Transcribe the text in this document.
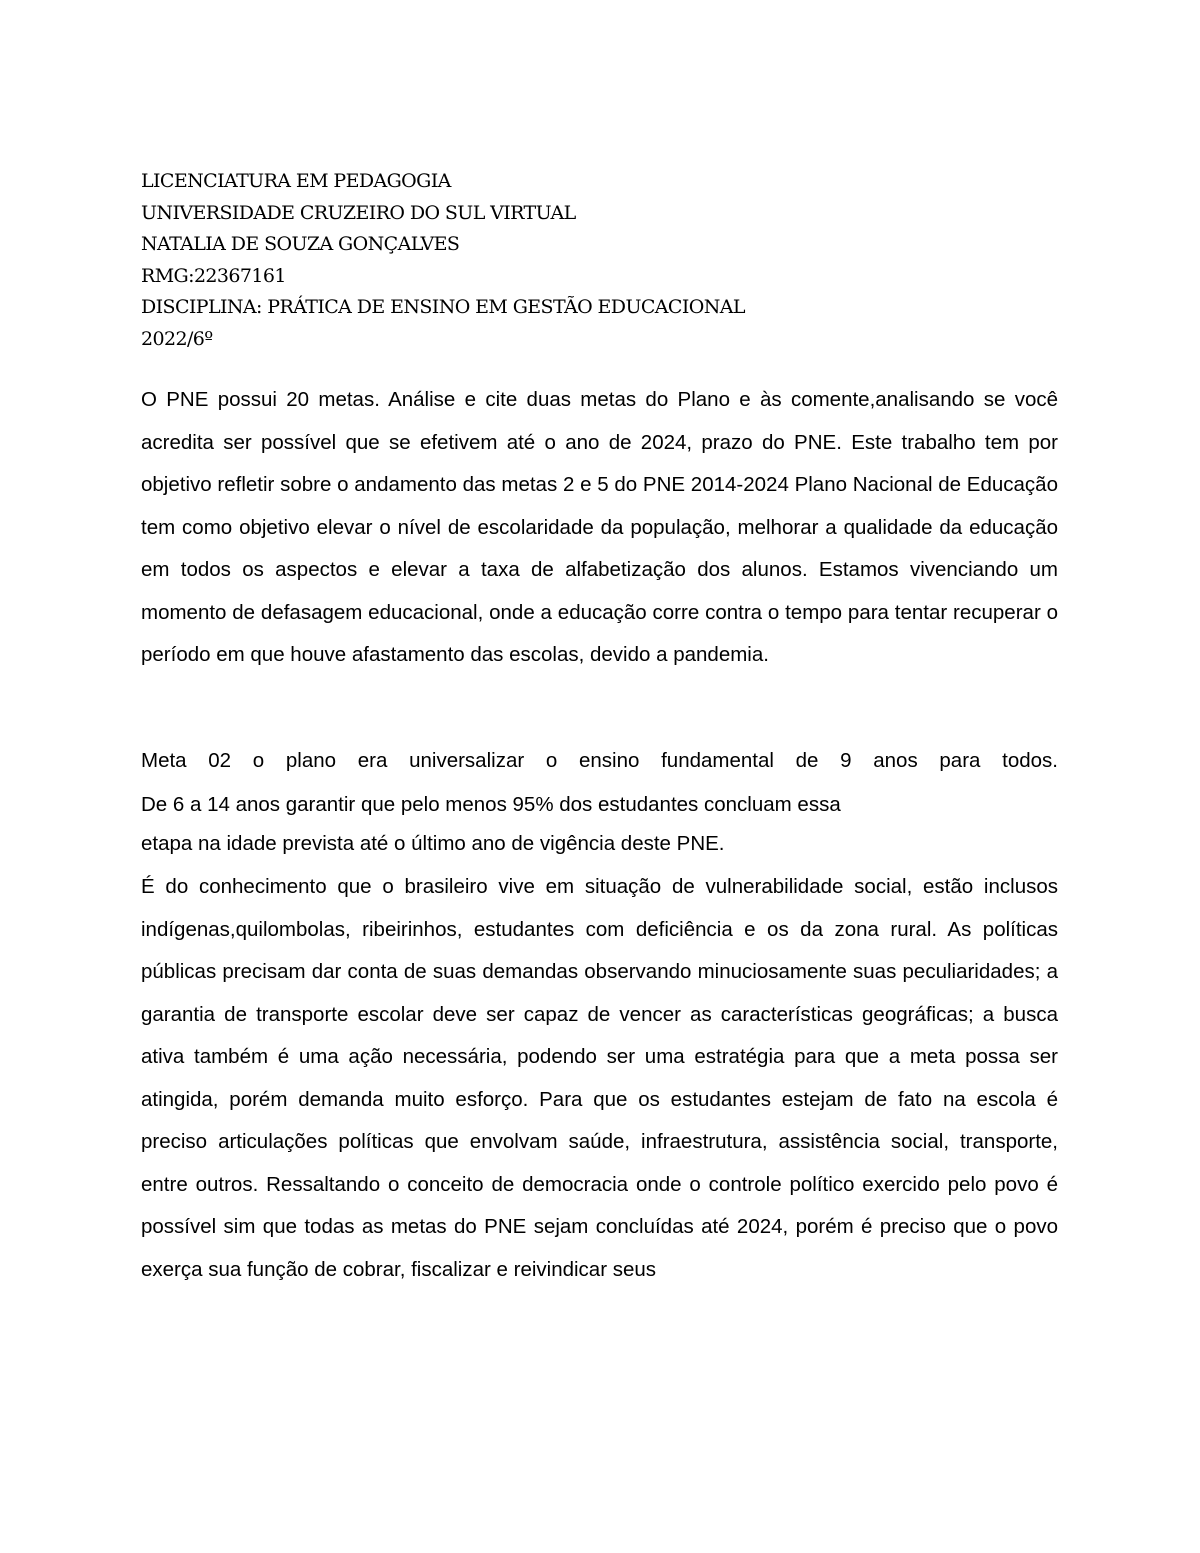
LICENCIATURA EM PEDAGOGIA
UNIVERSIDADE CRUZEIRO DO SUL VIRTUAL
NATALIA DE SOUZA GONÇALVES
RMG:22367161
DISCIPLINA: PRÁTICA DE ENSINO EM GESTÃO EDUCACIONAL
2022/6º
O PNE possui 20 metas. Análise e cite duas metas do Plano e às comente,analisando se você acredita ser possível que se efetivem até o ano de 2024, prazo do PNE. Este trabalho tem por objetivo refletir sobre o andamento das metas 2 e 5 do PNE 2014-2024 Plano Nacional de Educação tem como objetivo elevar o nível de escolaridade da população, melhorar a qualidade da educação em todos os aspectos e elevar a taxa de alfabetização dos alunos. Estamos vivenciando um momento de defasagem educacional, onde a educação corre contra o tempo para tentar recuperar o período em que houve afastamento das escolas, devido a pandemia.
Meta 02 o plano era universalizar o ensino fundamental de 9 anos para todos.
De 6 a 14 anos garantir que pelo menos 95% dos estudantes concluam essa
etapa na idade prevista até o último ano de vigência deste PNE.
É do conhecimento que o brasileiro vive em situação de vulnerabilidade social, estão inclusos indígenas,quilombolas, ribeirinhos, estudantes com deficiência e os da zona rural. As políticas públicas precisam dar conta de suas demandas observando minuciosamente suas peculiaridades; a garantia de transporte escolar deve ser capaz de vencer as características geográficas; a busca ativa também é uma ação necessária, podendo ser uma estratégia para que a meta possa ser atingida, porém demanda muito esforço. Para que os estudantes estejam de fato na escola é preciso articulações políticas que envolvam saúde, infraestrutura, assistência social, transporte, entre outros. Ressaltando o conceito de democracia onde o controle político exercido pelo povo é possível sim que todas as metas do PNE sejam concluídas até 2024, porém é preciso que o povo exerça sua função de cobrar, fiscalizar e reivindicar seus
